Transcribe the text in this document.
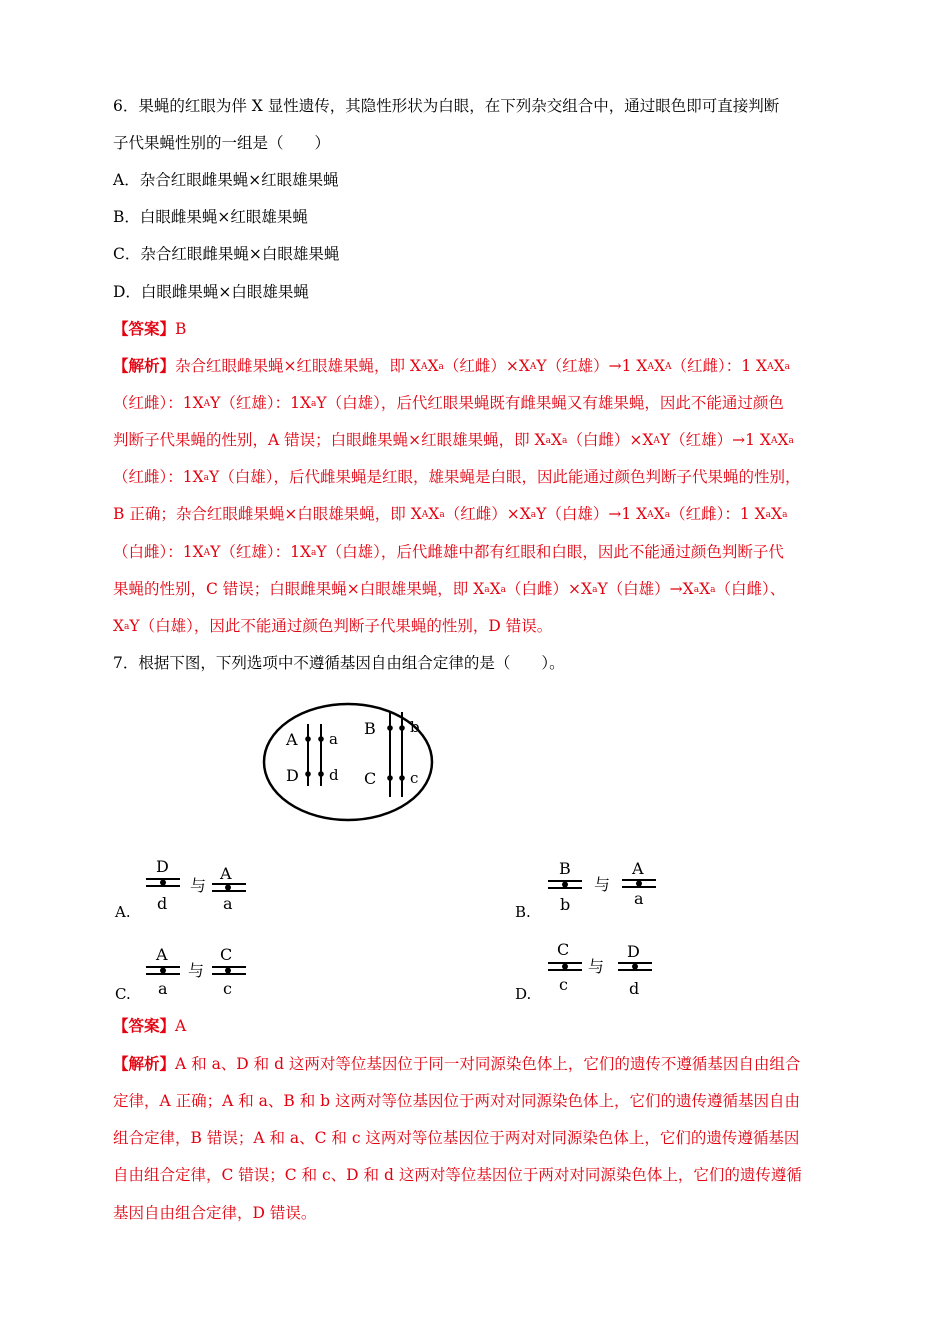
6．果蝇的红眼为伴 X 显性遗传，其隐性形状为白眼，在下列杂交组合中，通过眼色即可直接判断
子代果蝇性别的一组是（　　）
A．杂合红眼雌果蝇×红眼雄果蝇
B．白眼雌果蝇×红眼雄果蝇
C．杂合红眼雌果蝇×白眼雄果蝇
D．白眼雌果蝇×白眼雄果蝇
【答案】B
【解析】杂合红眼雌果蝇×红眼雄果蝇，即 $X^AX^a$（红雌）$\times X^AY$（红雄）→1 $X^AX^A$（红雌）：1 $X^AX^a$
（红雌）：$1X^AY$（红雄）：$1X^aY$（白雄），后代红眼果蝇既有雌果蝇又有雄果蝇，因此不能通过颜色
判断子代果蝇的性别，A 错误；白眼雌果蝇×红眼雄果蝇，即 $X^aX^a$（白雌）$\times X^AY$（红雄）→1 $X^AX^a$
（红雌）：$1X^aY$（白雄），后代雌果蝇是红眼，雄果蝇是白眼，因此能通过颜色判断子代果蝇的性别，
B 正确；杂合红眼雌果蝇×白眼雄果蝇，即 $X^AX^a$（红雌）$\times X^aY$（白雄）→1 $X^AX^a$（红雌）：1 $X^aX^a$
（白雌）：$1X^AY$（红雄）：$1X^aY$（白雄），后代雌雄中都有红眼和白眼，因此不能通过颜色判断子代
果蝇的性别，C 错误；白眼雌果蝇×白眼雄果蝇，即 $X^aX^a$（白雌）$\times X^aY$（白雄）$\to X^aX^a$（白雌）、
$X^aY$（白雄），因此不能通过颜色判断子代果蝇的性别，D 错误。
7．根据下图，下列选项中不遵循基因自由组合定律的是（　　）。
A a
D d
B b
C c
A.
D
d
与
A
a	B.
B
b
与
A
a
C.
A
a
与
C
c	D.
C
c
与
D
d
【答案】A
【解析】A 和 a、D 和 d 这两对等位基因位于同一对同源染色体上，它们的遗传不遵循基因自由组合
定律，A 正确；A 和 a、B 和 b 这两对等位基因位于两对对同源染色体上，它们的遗传遵循基因自由
组合定律，B 错误；A 和 a、C 和 c 这两对等位基因位于两对对同源染色体上，它们的遗传遵循基因
自由组合定律，C 错误；C 和 c、D 和 d 这两对等位基因位于两对对同源染色体上，它们的遗传遵循
基因自由组合定律，D 错误。
